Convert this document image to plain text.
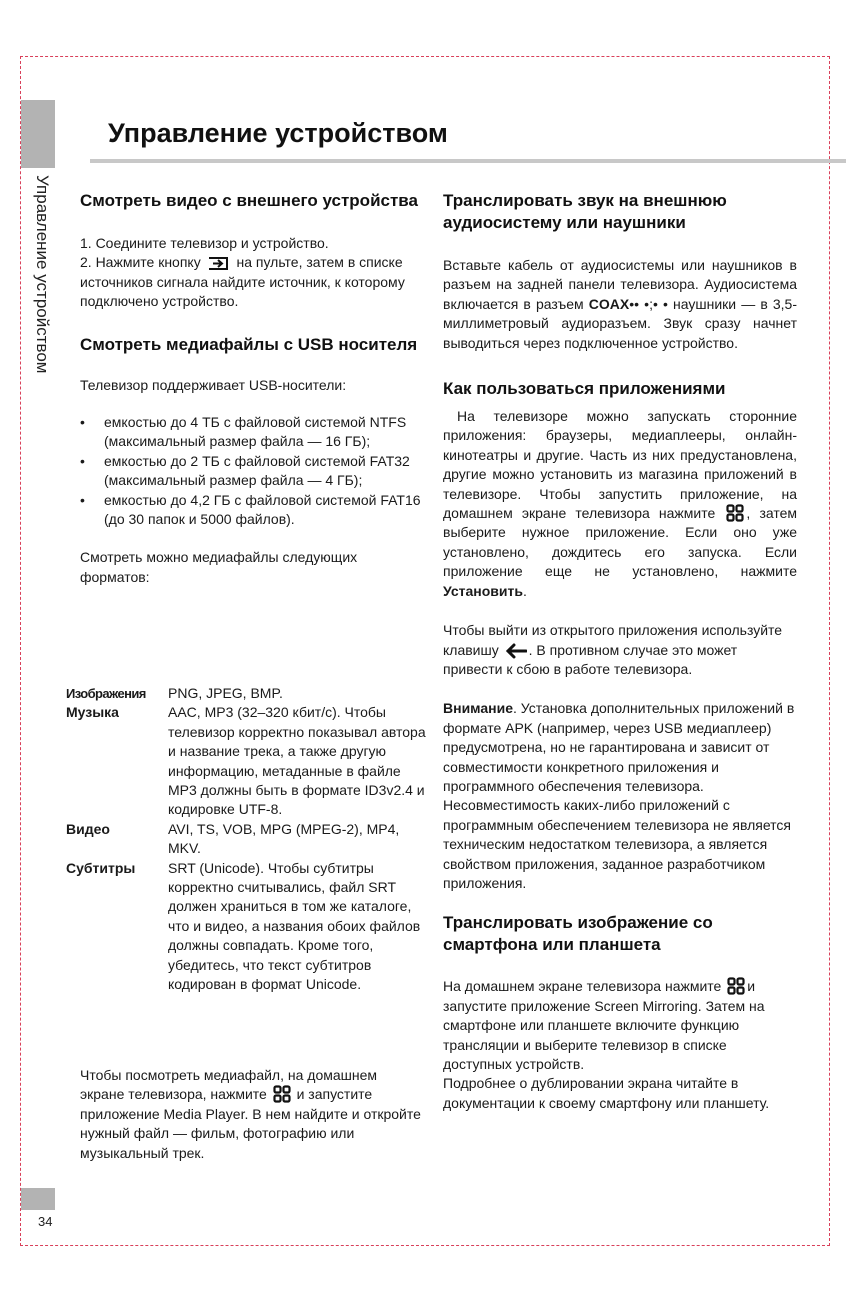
Управление устройством
34
Управление устройством
Смотреть видео с внешнего устройства

1. Соедините телевизор и устройство.

2. Нажмите кнопку	на пульте, затем в списке источников сигнала найдите источник, к которому подключено устройство.

Смотреть медиафайлы с USB носителя

Телевизор поддерживает USB-носители:

• емкостью до 4 ТБ с файловой системой NTFS (максимальный размер файла — 16 ГБ);
• емкостью до 2 ТБ с файловой системой FAT32 (максимальный размер файла — 4 ГБ);
• емкостью до 4,2 ГБ с файловой системой FAT16 (до 30 папок и 5000 файлов).

Смотреть можно медиафайлы следующих форматов:

Изображения	PNG, JPEG, BMP.
Музыка	AAC, MP3 (32–320 кбит/с). Чтобы телевизор корректно показывал автора и название трека, а также другую информацию, метаданные в файле MP3 должны быть в формате ID3v2.4 и кодировке UTF-8.
Видео	AVI, TS, VOB, MPG (MPEG-2), MP4, MKV.
Субтитры	SRT (Unicode). Чтобы субтитры корректно считывались, файл SRT должен храниться в том же каталоге, что и видео, а названия обоих файлов должны совпадать. Кроме того, убедитесь, что текст субтитров кодирован в формат Unicode.

Чтобы посмотреть медиафайл, на домашнем экране телевизора, нажмите и запустите приложение Media Player. В нем найдите и откройте нужный файл — фильм, фотографию или музыкальный трек.

Транслировать звук на внешнюю аудиосистему или наушники

Вставьте кабель от аудиосистемы или наушников в разъем на задней панели телевизора. Аудиосистема включается в разъем COAX•• •;• • наушники — в 3,5-миллиметровый аудиоразъем. Звук сразу начнет выводиться через подключенное устройство.

Как пользоваться приложениями

На телевизоре можно запускать сторонние приложения: браузеры, медиаплееры, онлайн-кинотеатры и другие. Часть из них предустановлена, другие можно установить из магазина приложений в телевизоре. Чтобы запустить приложение, на домашнем экране телевизора нажмите , затем выберите нужное приложение. Если оно уже установлено, дождитесь его запуска. Если приложение еще не установлено, нажмите Установить.

Чтобы выйти из открытого приложения используйте клавишу . В противном случае это может привести к сбою в работе телевизора.

Внимание. Установка дополнительных приложений в формате APK (например, через USB медиаплеер) предусмотрена, но не гарантирована и зависит от совместимости конкретного приложения и программного обеспечения телевизора. Несовместимость каких-либо приложений с программным обеспечением телевизора не является техническим недостатком телевизора, а является свойством приложения, заданное разработчиком приложения.

Транслировать изображение со смартфона или планшета

На домашнем экране телевизора нажмите и запустите приложение Screen Mirroring. Затем на смартфоне или планшете включите функцию трансляции и выберите телевизор в списке доступных устройств.

Подробнее о дублировании экрана читайте в документации к своему смартфону или планшету.
